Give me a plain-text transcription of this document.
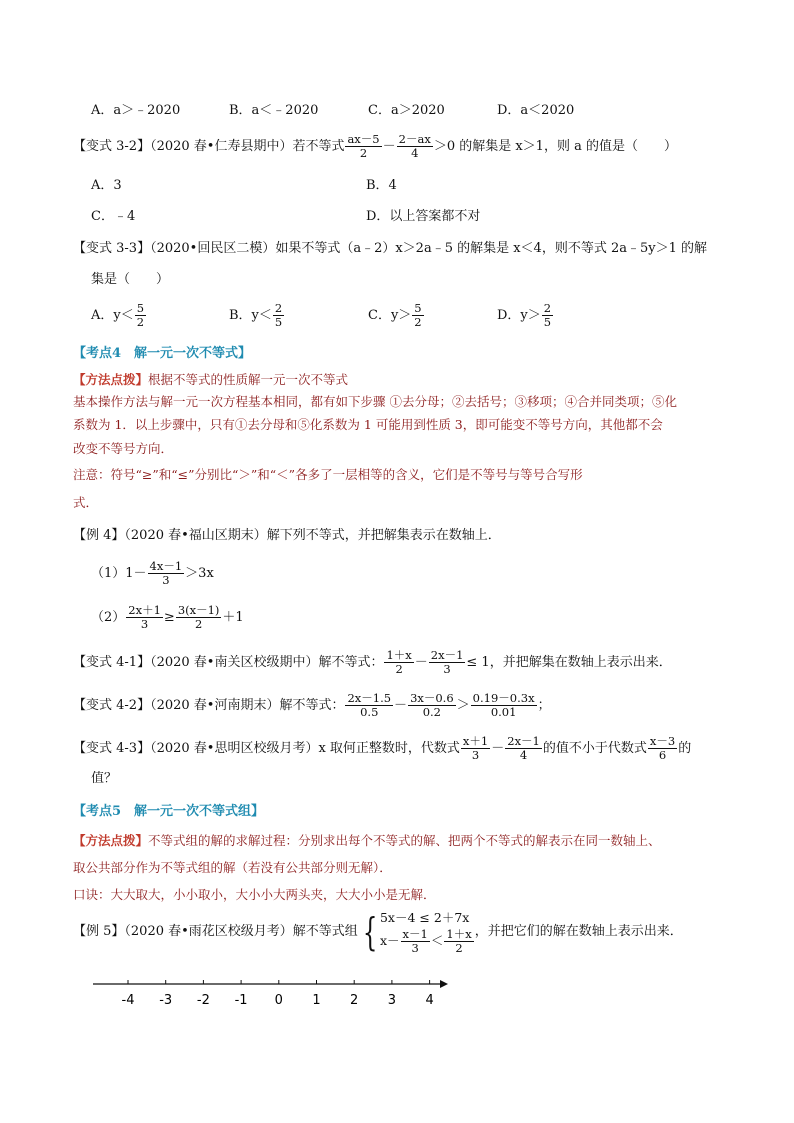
A．a＞﹣2020	B．a＜﹣2020	C．a＞2020	D．a＜2020
【变式 3-2】（2020 春•仁寿县期中）若不等式 $\frac{ax-5}{2} - \frac{2-ax}{4} >0$ 的解集是 x＞1，则 a 的值是（　　）
A．3	B．4
C．﹣4	D．以上答案都不对
【变式 3-3】（2020•回民区二模）如果不等式（a﹣2）x＞2a﹣5 的解集是 x＜4，则不等式 2a﹣5y＞1 的解
集是（　　）
A．$y< \frac{5}{2}$	B．$y< \frac{2}{5}$	C．$y> \frac{5}{2}$	D．$y> \frac{2}{5}$
【考点4　解一元一次不等式】
【方法点拨】根据不等式的性质解一元一次不等式
基本操作方法与解一元一次方程基本相同，都有如下步骤 ①去分母；②去括号；③移项；④合并同类项；⑤化
系数为 1．以上步骤中，只有①去分母和⑤化系数为 1 可能用到性质 3，即可能变不等号方向，其他都不会
改变不等号方向．
注意：符号“≥”和“≤”分别比“＞”和“＜”各多了一层相等的含义，它们是不等号与等号合写形
式．
【例 4】（2020 春•福山区期末）解下列不等式，并把解集表示在数轴上．
$(1)1- \frac{4x-1}{3} >3x$
$(2) \frac{2x+1}{3} \ge \frac{3(x-1)}{2} +1$
【变式 4-1】（2020 春•南关区校级期中）解不等式： $\frac{1+x}{2} - \frac{2x-1}{3} \le 1$，并把解集在数轴上表示出来．
【变式 4-2】（2020 春•河南期末）解不等式： $\frac{2x-1.5}{0.5} - \frac{3x-0.6}{0.2} > \frac{0.19-0.3x}{0.01}$ ；
【变式 4-3】（2020 春•思明区校级月考）x 取何正整数时，代数式 $\frac{x+1}{3} - \frac{2x-1}{4}$ 的值不小于代数式 $\frac{x-3}{6}$ 的
值？
【考点5　解一元一次不等式组】
【方法点拨】不等式组的解的求解过程：分别求出每个不等式的解、把两个不等式的解表示在同一数轴上、
取公共部分作为不等式组的解（若没有公共部分则无解）．
口诀：大大取大，小小取小，大小小大两头夹，大大小小是无解．
【例 5】（2020 春•雨花区校级月考）解不等式组 { 5x－4 ≤ 2＋7x
$x- \frac{x-1}{3} < \frac{1+x}{2}$ ，并把它们的解在数轴上表示出来．
-4 -3 -2 -1 0 1 2 3 4
